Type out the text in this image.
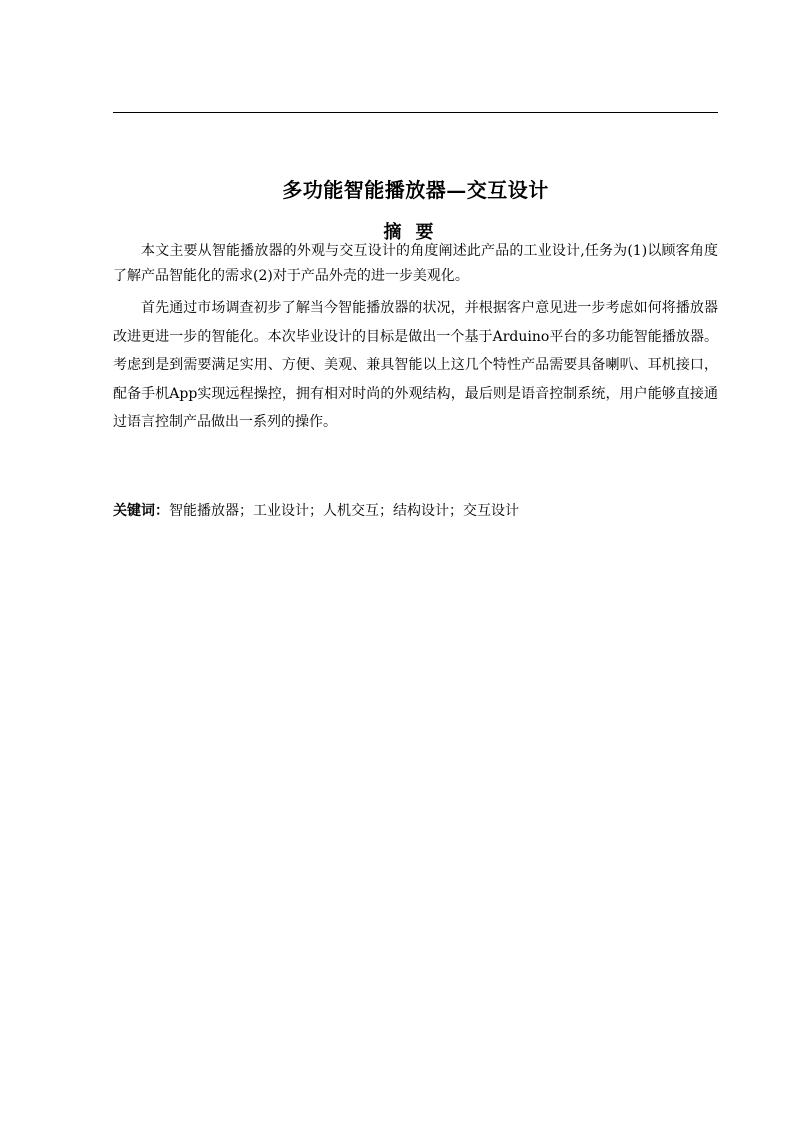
多功能智能播放器—交互设计
摘要

本文主要从智能播放器的外观与交互设计的角度阐述此产品的工业设计,任务为(1)以顾客角度了解产品智能化的需求(2)对于产品外壳的进一步美观化。

首先通过市场调查初步了解当今智能播放器的状况，并根据客户意见进一步考虑如何将播放器改进更进一步的智能化。本次毕业设计的目标是做出一个基于Arduino平台的多功能智能播放器。考虑到是到需要满足实用、方便、美观、兼具智能以上这几个特性产品需要具备喇叭、耳机接口，配备手机App实现远程操控，拥有相对时尚的外观结构，最后则是语音控制系统，用户能够直接通过语言控制产品做出一系列的操作。

关键词：智能播放器；工业设计；人机交互；结构设计；交互设计
